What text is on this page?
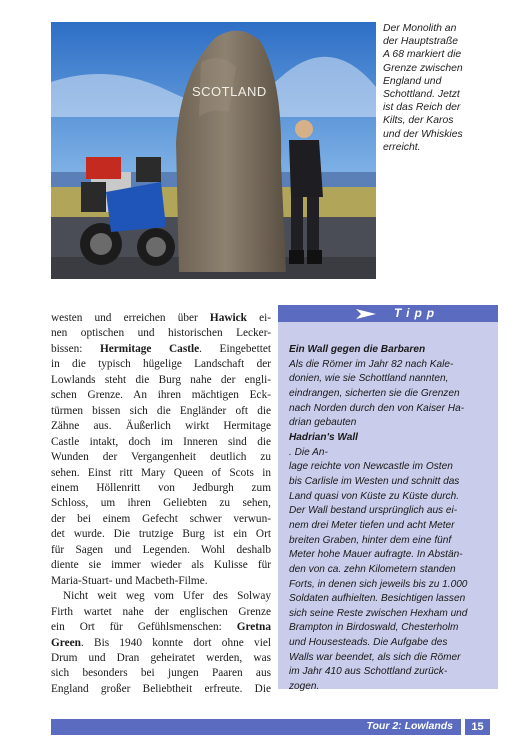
SCOTLAND
Der Monolith an
der Hauptstraße
A 68 markiert die
Grenze zwischen
England und
Schottland. Jetzt
ist das Reich der
Kilts, der Karos
und der Whiskies
erreicht.
westen und erreichen über Hawick ei-
nen optischen und historischen Lecker-
bissen: Hermitage Castle. Eingebettet
in die typisch hügelige Landschaft der
Lowlands steht die Burg nahe der engli-
schen Grenze. An ihren mächtigen Eck-
türmen bissen sich die Engländer oft die
Zähne aus. Äußerlich wirkt Hermitage
Castle intakt, doch im Inneren sind die
Wunden der Vergangenheit deutlich zu
sehen. Einst ritt Mary Queen of Scots in
einem Höllenritt von Jedburgh zum
Schloss, um ihren Geliebten zu sehen,
der bei einem Gefecht schwer verwun-
det wurde. Die trutzige Burg ist ein Ort
für Sagen und Legenden. Wohl deshalb
diente sie immer wieder als Kulisse für
Maria-Stuart- und Macbeth-Filme.
Nicht weit weg vom Ufer des Solway
Firth wartet nahe der englischen Grenze
ein Ort für Gefühlsmenschen: Gretna
Green. Bis 1940 konnte dort ohne viel
Drum und Dran geheiratet werden, was
sich besonders bei jungen Paaren aus
England großer Beliebtheit erfreute. Die
Tipp
Ein Wall gegen die Barbaren
Als die Römer im Jahr 82 nach Kale-
donien, wie sie Schottland nannten,
eindrangen, sicherten sie die Grenzen
nach Norden durch den von Kaiser Ha-
drian gebauten
Hadrian's Wall
. Die An-
lage reichte von Newcastle im Osten
bis Carlisle im Westen und schnitt das
Land quasi von Küste zu Küste durch.
Der Wall bestand ursprünglich aus ei-
nem drei Meter tiefen und acht Meter
breiten Graben, hinter dem eine fünf
Meter hohe Mauer aufragte. In Abstän-
den von ca. zehn Kilometern standen
Forts, in denen sich jeweils bis zu 1.000
Soldaten aufhielten. Besichtigen lassen
sich seine Reste zwischen Hexham und
Brampton in Birdoswald, Chesterholm
und Housesteads. Die Aufgabe des
Walls war beendet, als sich die Römer
im Jahr 410 aus Schottland zurück-
zogen.
Tour 2: Lowlands	15
